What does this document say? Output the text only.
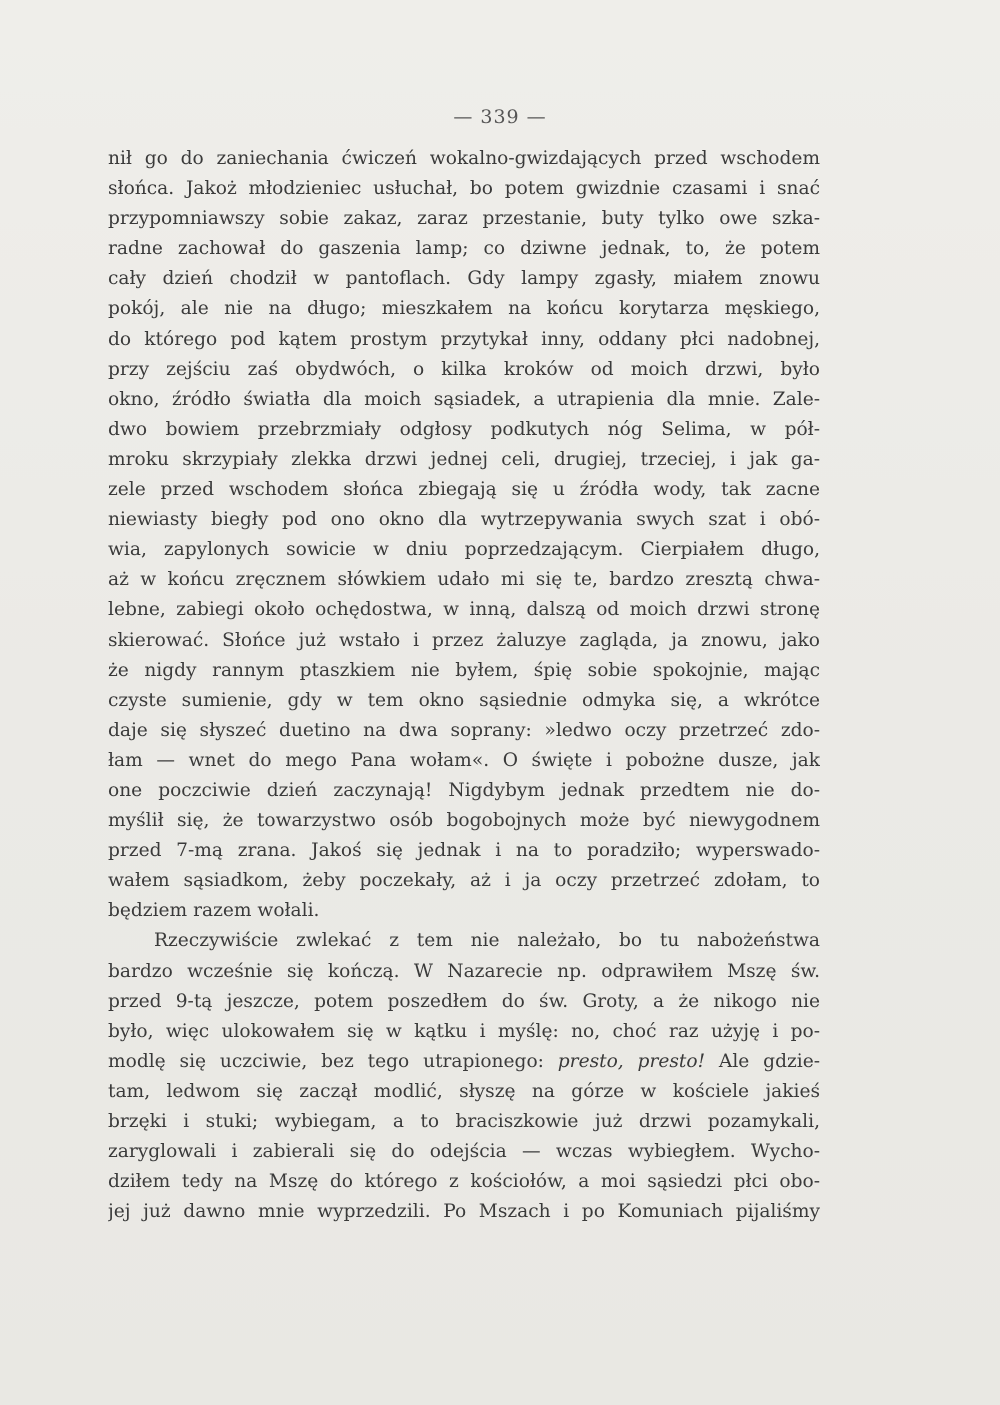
— 339 —
nił go do zaniechania ćwiczeń wokalno-gwizdających przed wschodem
słońca. Jakoż młodzieniec usłuchał, bo potem gwizdnie czasami i snać
przypomniawszy sobie zakaz, zaraz przestanie, buty tylko owe szka-
radne zachował do gaszenia lamp; co dziwne jednak, to, że potem
cały dzień chodził w pantoflach. Gdy lampy zgasły, miałem znowu
pokój, ale nie na długo; mieszkałem na końcu korytarza męskiego,
do którego pod kątem prostym przytykał inny, oddany płci nadobnej,
przy zejściu zaś obydwóch, o kilka kroków od moich drzwi, było
okno, źródło światła dla moich sąsiadek, a utrapienia dla mnie. Zale-
dwo bowiem przebrzmiały odgłosy podkutych nóg Selima, w pół-
mroku skrzypiały zlekka drzwi jednej celi, drugiej, trzeciej, i jak ga-
zele przed wschodem słońca zbiegają się u źródła wody, tak zacne
niewiasty biegły pod ono okno dla wytrzepywania swych szat i obó-
wia, zapylonych sowicie w dniu poprzedzającym. Cierpiałem długo,
aż w końcu zręcznem słówkiem udało mi się te, bardzo zresztą chwa-
lebne, zabiegi około ochędostwa, w inną, dalszą od moich drzwi stronę
skierować. Słońce już wstało i przez żaluzye zagląda, ja znowu, jako
że nigdy rannym ptaszkiem nie byłem, śpię sobie spokojnie, mając
czyste sumienie, gdy w tem okno sąsiednie odmyka się, a wkrótce
daje się słyszeć duetino na dwa soprany: »ledwo oczy przetrzeć zdo-
łam — wnet do mego Pana wołam«. O święte i pobożne dusze, jak
one poczciwie dzień zaczynają! Nigdybym jednak przedtem nie do-
myślił się, że towarzystwo osób bogobojnych może być niewygodnem
przed 7-mą zrana. Jakoś się jednak i na to poradziło; wyperswado-
wałem sąsiadkom, żeby poczekały, aż i ja oczy przetrzeć zdołam, to
będziem razem wołali.
Rzeczywiście zwlekać z tem nie należało, bo tu nabożeństwa
bardzo wcześnie się kończą. W Nazarecie np. odprawiłem Mszę św.
przed 9-tą jeszcze, potem poszedłem do św. Groty, a że nikogo nie
było, więc ulokowałem się w kątku i myślę: no, choć raz użyję i po-
modlę się uczciwie, bez tego utrapionego: presto, presto! Ale gdzie-
tam, ledwom się zaczął modlić, słyszę na górze w kościele jakieś
brzęki i stuki; wybiegam, a to braciszkowie już drzwi pozamykali,
zaryglowali i zabierali się do odejścia — wczas wybiegłem. Wycho-
dziłem tedy na Mszę do którego z kościołów, a moi sąsiedzi płci obo-
jej już dawno mnie wyprzedzili. Po Mszach i po Komuniach pijaliśmy
